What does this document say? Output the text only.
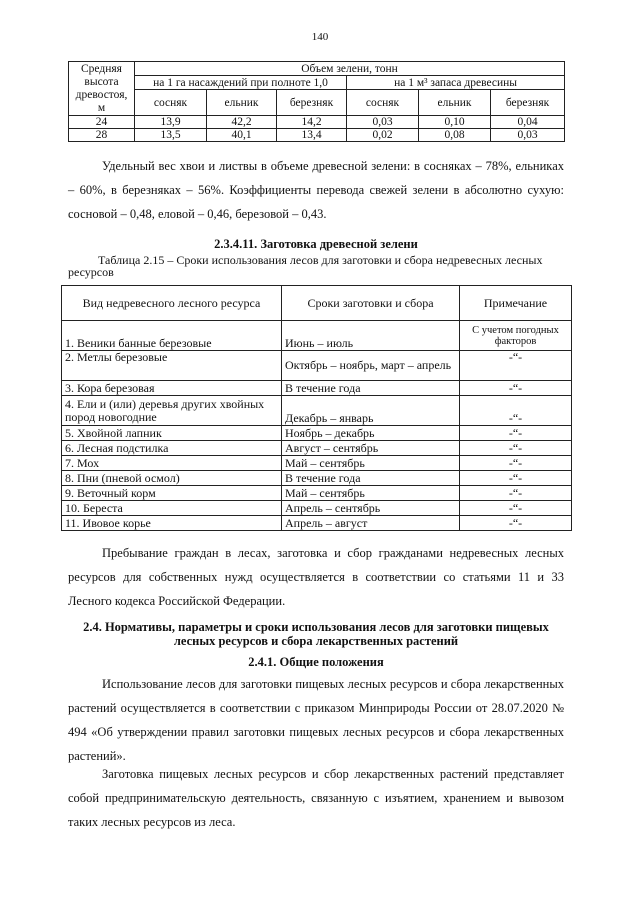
140
Средняя высота древостоя, м	Объем зелени, тонн					
	на 1 га насаждений при полноте 1,0			на 1 м³ запаса древесины		
	сосняк	ельник	березняк	сосняк	ельник	березняк
24	13,9	42,2	14,2	0,03	0,10	0,04
28	13,5	40,1	13,4	0,02	0,08	0,03

Удельный вес хвои и листвы в объеме древесной зелени: в сосняках – 78%, ельниках – 60%, в березняках – 56%. Коэффициенты перевода свежей зелени в абсолютно сухую: сосновой – 0,48, еловой – 0,46, березовой – 0,43.

2.3.4.11. Заготовка древесной зелени

Таблица 2.15 – Сроки использования лесов для заготовки и сбора недревесных лесных ресурсов

Вид недревесного лесного ресурса	Сроки заготовки и сбора	Примечание
1. Веники банные березовые	Июнь – июль	С учетом погодных факторов
2. Метлы березовые	Октябрь – ноябрь, март – апрель	-“-
3. Кора березовая	В течение года	-“-
4. Ели и (или) деревья других хвойных пород новогодние	Декабрь – январь	-“-
5. Хвойной лапник	Ноябрь – декабрь	-“-
6. Лесная подстилка	Август – сентябрь	-“-
7. Мох	Май – сентябрь	-“-
8. Пни (пневой осмол)	В течение года	-“-
9. Веточный корм	Май – сентябрь	-“-
10. Береста	Апрель – сентябрь	-“-
11. Ивовое корье	Апрель – август	-“-

Пребывание граждан в лесах, заготовка и сбор гражданами недревесных лесных ресурсов для собственных нужд осуществляется в соответствии со статьями 11 и 33 Лесного кодекса Российской Федерации.

2.4. Нормативы, параметры и сроки использования лесов для заготовки пищевых лесных ресурсов и сбора лекарственных растений

2.4.1. Общие положения

Использование лесов для заготовки пищевых лесных ресурсов и сбора лекарственных растений осуществляется в соответствии с приказом Минприроды России от 28.07.2020 № 494 «Об утверждении правил заготовки пищевых лесных ресурсов и сбора лекарственных растений».

Заготовка пищевых лесных ресурсов и сбор лекарственных растений представляет собой предпринимательскую деятельность, связанную с изъятием, хранением и вывозом таких лесных ресурсов из леса.
